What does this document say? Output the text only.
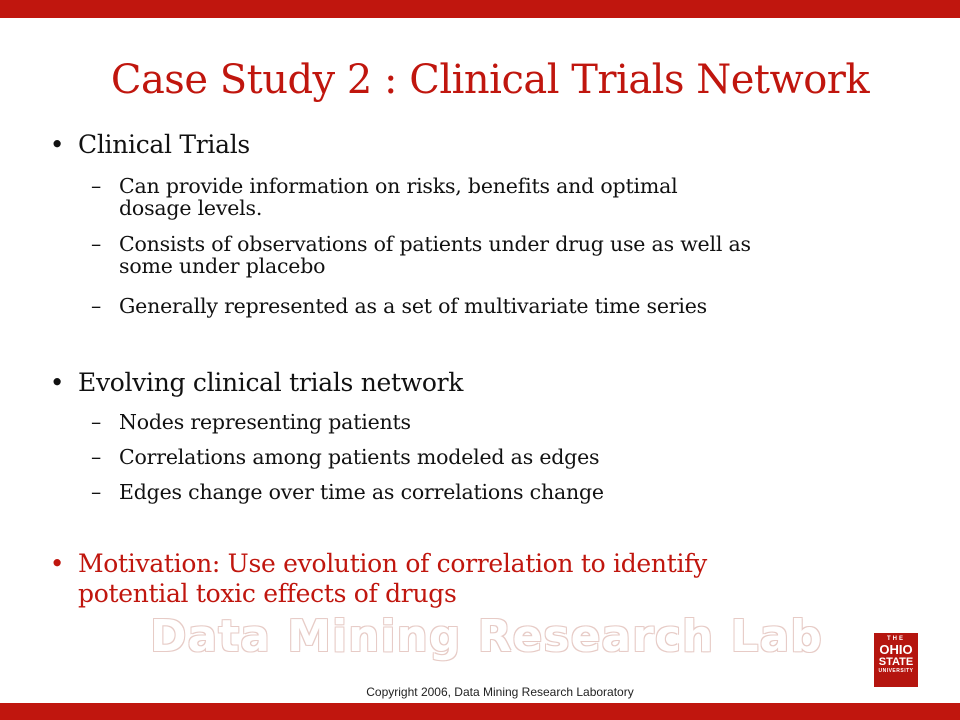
Case Study 2 : Clinical Trials Network
• Clinical Trials
– Can provide information on risks, benefits and optimal
dosage levels.
– Consists of observations of patients under drug use as well as
some under placebo
– Generally represented as a set of multivariate time series
• Evolving clinical trials network
– Nodes representing patients
– Correlations among patients modeled as edges
– Edges change over time as correlations change
• Motivation: Use evolution of correlation to identify
potential toxic effects of drugs
Data Mining Research Lab
Copyright 2006, Data Mining Research Laboratory
THE
OHIO
STATE
UNIVERSITY
